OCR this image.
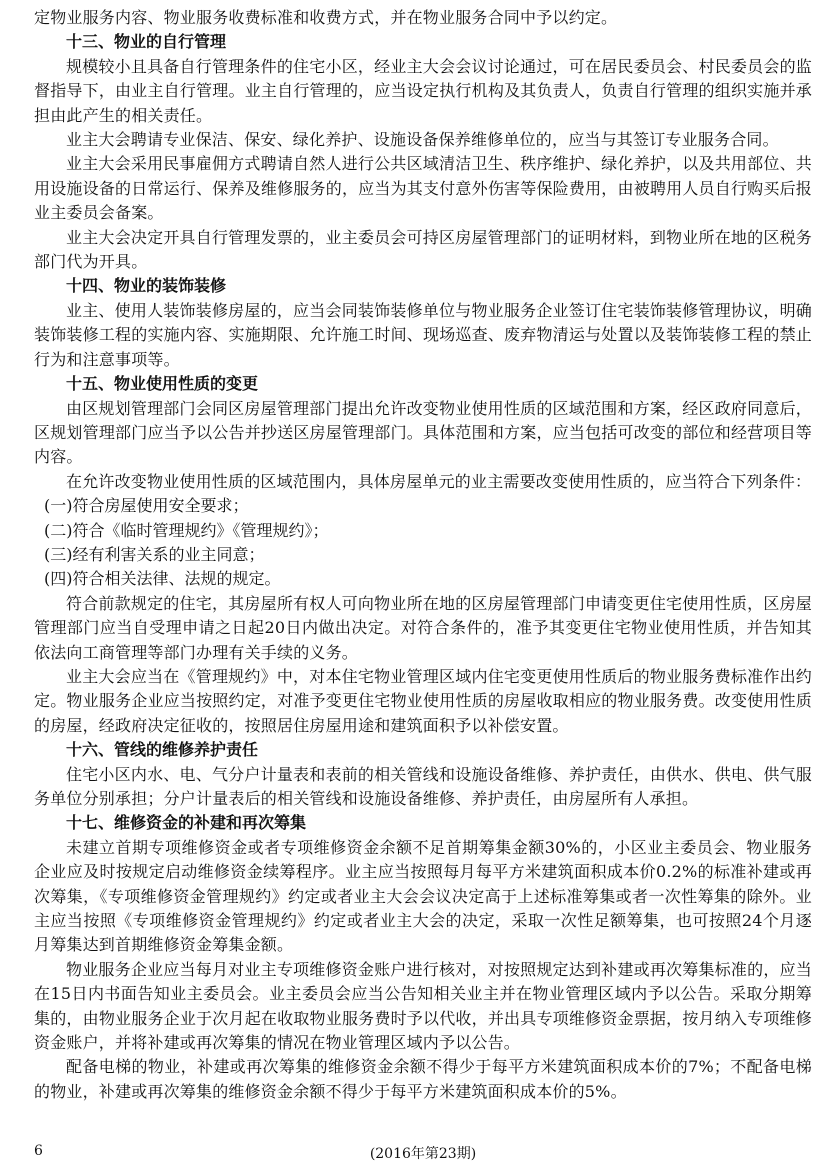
定物业服务内容、物业服务收费标准和收费方式，并在物业服务合同中予以约定。

十三、物业的自行管理

规模较小且具备自行管理条件的住宅小区，经业主大会会议讨论通过，可在居民委员会、村民委员会的监督指导下，由业主自行管理。业主自行管理的，应当设定执行机构及其负责人，负责自行管理的组织实施并承担由此产生的相关责任。

业主大会聘请专业保洁、保安、绿化养护、设施设备保养维修单位的，应当与其签订专业服务合同。

业主大会采用民事雇佣方式聘请自然人进行公共区域清洁卫生、秩序维护、绿化养护，以及共用部位、共用设施设备的日常运行、保养及维修服务的，应当为其支付意外伤害等保险费用，由被聘用人员自行购买后报业主委员会备案。

业主大会决定开具自行管理发票的，业主委员会可持区房屋管理部门的证明材料，到物业所在地的区税务部门代为开具。

十四、物业的装饰装修

业主、使用人装饰装修房屋的，应当会同装饰装修单位与物业服务企业签订住宅装饰装修管理协议，明确装饰装修工程的实施内容、实施期限、允许施工时间、现场巡查、废弃物清运与处置以及装饰装修工程的禁止行为和注意事项等。

十五、物业使用性质的变更

由区规划管理部门会同区房屋管理部门提出允许改变物业使用性质的区域范围和方案，经区政府同意后，区规划管理部门应当予以公告并抄送区房屋管理部门。具体范围和方案，应当包括可改变的部位和经营项目等内容。

在允许改变物业使用性质的区域范围内，具体房屋单元的业主需要改变使用性质的，应当符合下列条件：

(一)符合房屋使用安全要求；

(二)符合《临时管理规约》《管理规约》；

(三)经有利害关系的业主同意；

(四)符合相关法律、法规的规定。

符合前款规定的住宅，其房屋所有权人可向物业所在地的区房屋管理部门申请变更住宅使用性质，区房屋管理部门应当自受理申请之日起20日内做出决定。对符合条件的，准予其变更住宅物业使用性质，并告知其依法向工商管理等部门办理有关手续的义务。

业主大会应当在《管理规约》中，对本住宅物业管理区域内住宅变更使用性质后的物业服务费标准作出约定。物业服务企业应当按照约定，对准予变更住宅物业使用性质的房屋收取相应的物业服务费。改变使用性质的房屋，经政府决定征收的，按照居住房屋用途和建筑面积予以补偿安置。

十六、管线的维修养护责任

住宅小区内水、电、气分户计量表和表前的相关管线和设施设备维修、养护责任，由供水、供电、供气服务单位分别承担；分户计量表后的相关管线和设施设备维修、养护责任，由房屋所有人承担。

十七、维修资金的补建和再次筹集

未建立首期专项维修资金或者专项维修资金余额不足首期筹集金额30%的，小区业主委员会、物业服务企业应及时按规定启动维修资金续筹程序。业主应当按照每月每平方米建筑面积成本价0.2%的标准补建或再次筹集，《专项维修资金管理规约》约定或者业主大会会议决定高于上述标准筹集或者一次性筹集的除外。业主应当按照《专项维修资金管理规约》约定或者业主大会的决定，采取一次性足额筹集，也可按照24个月逐月筹集达到首期维修资金筹集金额。

物业服务企业应当每月对业主专项维修资金账户进行核对，对按照规定达到补建或再次筹集标准的，应当在15日内书面告知业主委员会。业主委员会应当公告知相关业主并在物业管理区域内予以公告。采取分期筹集的，由物业服务企业于次月起在收取物业服务费时予以代收，并出具专项维修资金票据，按月纳入专项维修资金账户，并将补建或再次筹集的情况在物业管理区域内予以公告。

配备电梯的物业，补建或再次筹集的维修资金余额不得少于每平方米建筑面积成本价的7%；不配备电梯的物业，补建或再次筹集的维修资金余额不得少于每平方米建筑面积成本价的5%。

6	(2016年第23期)
